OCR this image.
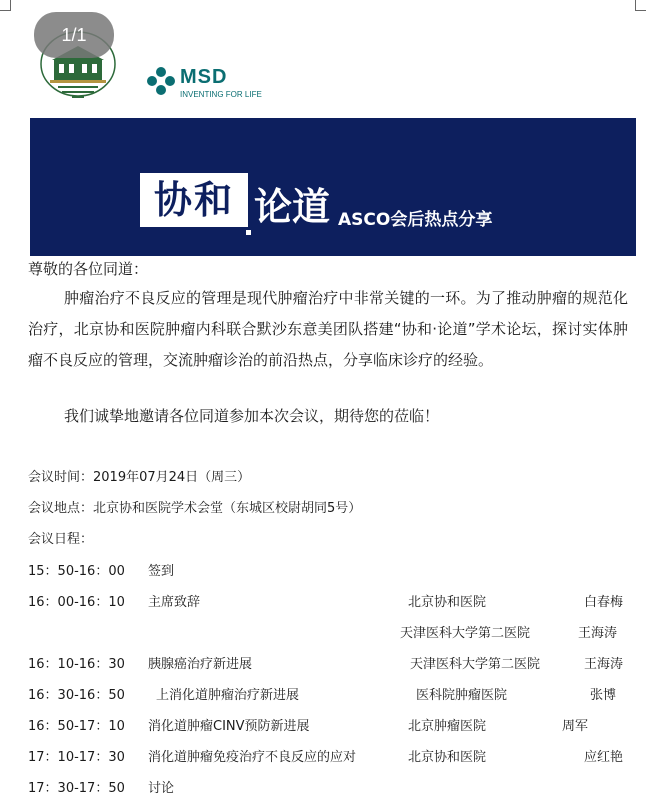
1/1
MSD
INVENTING FOR LIFE
协和 论道 ASCO会后热点分享
尊敬的各位同道：
肿瘤治疗不良反应的管理是现代肿瘤治疗中非常关键的一环。为了推动肿瘤的规范化治疗，北京协和医院肿瘤内科联合默沙东意美团队搭建“协和·论道”学术论坛，探讨实体肿瘤不良反应的管理，交流肿瘤诊治的前沿热点，分享临床诊疗的经验。
我们诚挚地邀请各位同道参加本次会议，期待您的莅临！
会议时间：2019年07月24日（周三）
会议地点：北京协和医院学术会堂（东城区校尉胡同5号）
会议日程：
15：50-16：00 签到
16：00-16：10 主席致辞	北京协和医院	白春梅
天津医科大学第二医院	王海涛
16：10-16：30 胰腺癌治疗新进展	天津医科大学第二医院	王海涛
16：30-16：50 上消化道肿瘤治疗新进展	医科院肿瘤医院	张博
16：50-17：10 消化道肿瘤CINV预防新进展	北京肿瘤医院	周军
17：10-17：30 消化道肿瘤免疫治疗不良反应的应对	北京协和医院	应红艳
17：30-17：50 讨论
